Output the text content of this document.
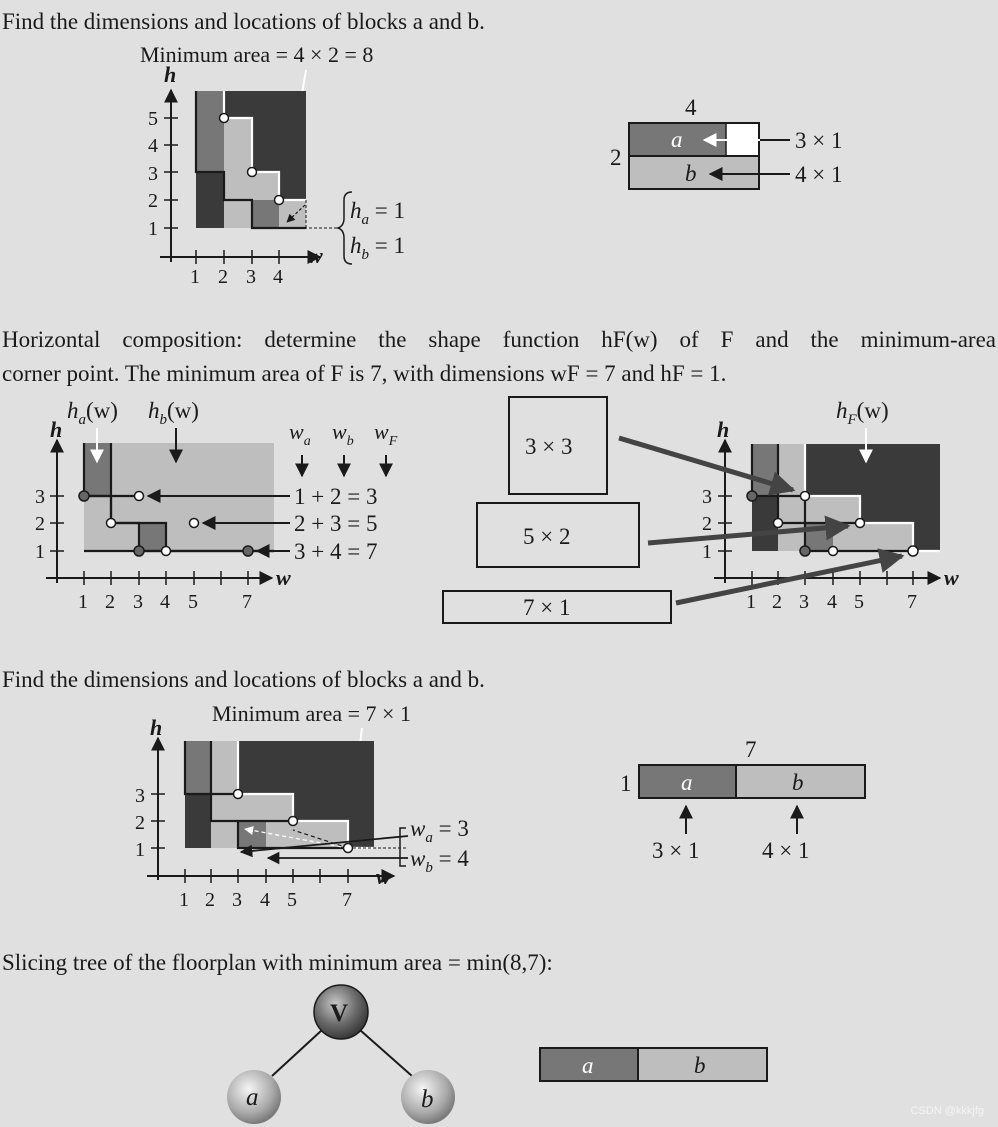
Find the dimensions and locations of blocks a and b.

Horizontal composition: determine the shape function hF(w) of F and the minimum-area

corner point. The minimum area of F is 7, with dimensions wF = 7 and hF = 1.

Find the dimensions and locations of blocks a and b.

Slicing tree of the floorplan with minimum area = min(8,7):

CSDN @kkkjfg
Minimum area = 4 × 2 = 8
h
w
1
2
3
4
5
1 2 3 4
$h_a = 1$
$h_b = 1$
4
2
a
b
3 × 1
4 × 1
$h_a(w)$ $h_b(w)$
$w_a$ $w_b$ $w_F$
1 + 2 = 3
2 + 3 = 5
3 + 4 = 7
h
w
1
2
3
1 2 3 4 5 7
3 × 3
5 × 2
7 × 1
$h_F(w)$
h
w
1
2
3
1 2 3 4 5 7
Minimum area = 7 × 1
$w_a = 3$
$w_b = 4$
h
w
1
2
3
1 2 3 4 5 7
7
1 a	b
3 × 1	4 × 1
V
a	b
a	b
